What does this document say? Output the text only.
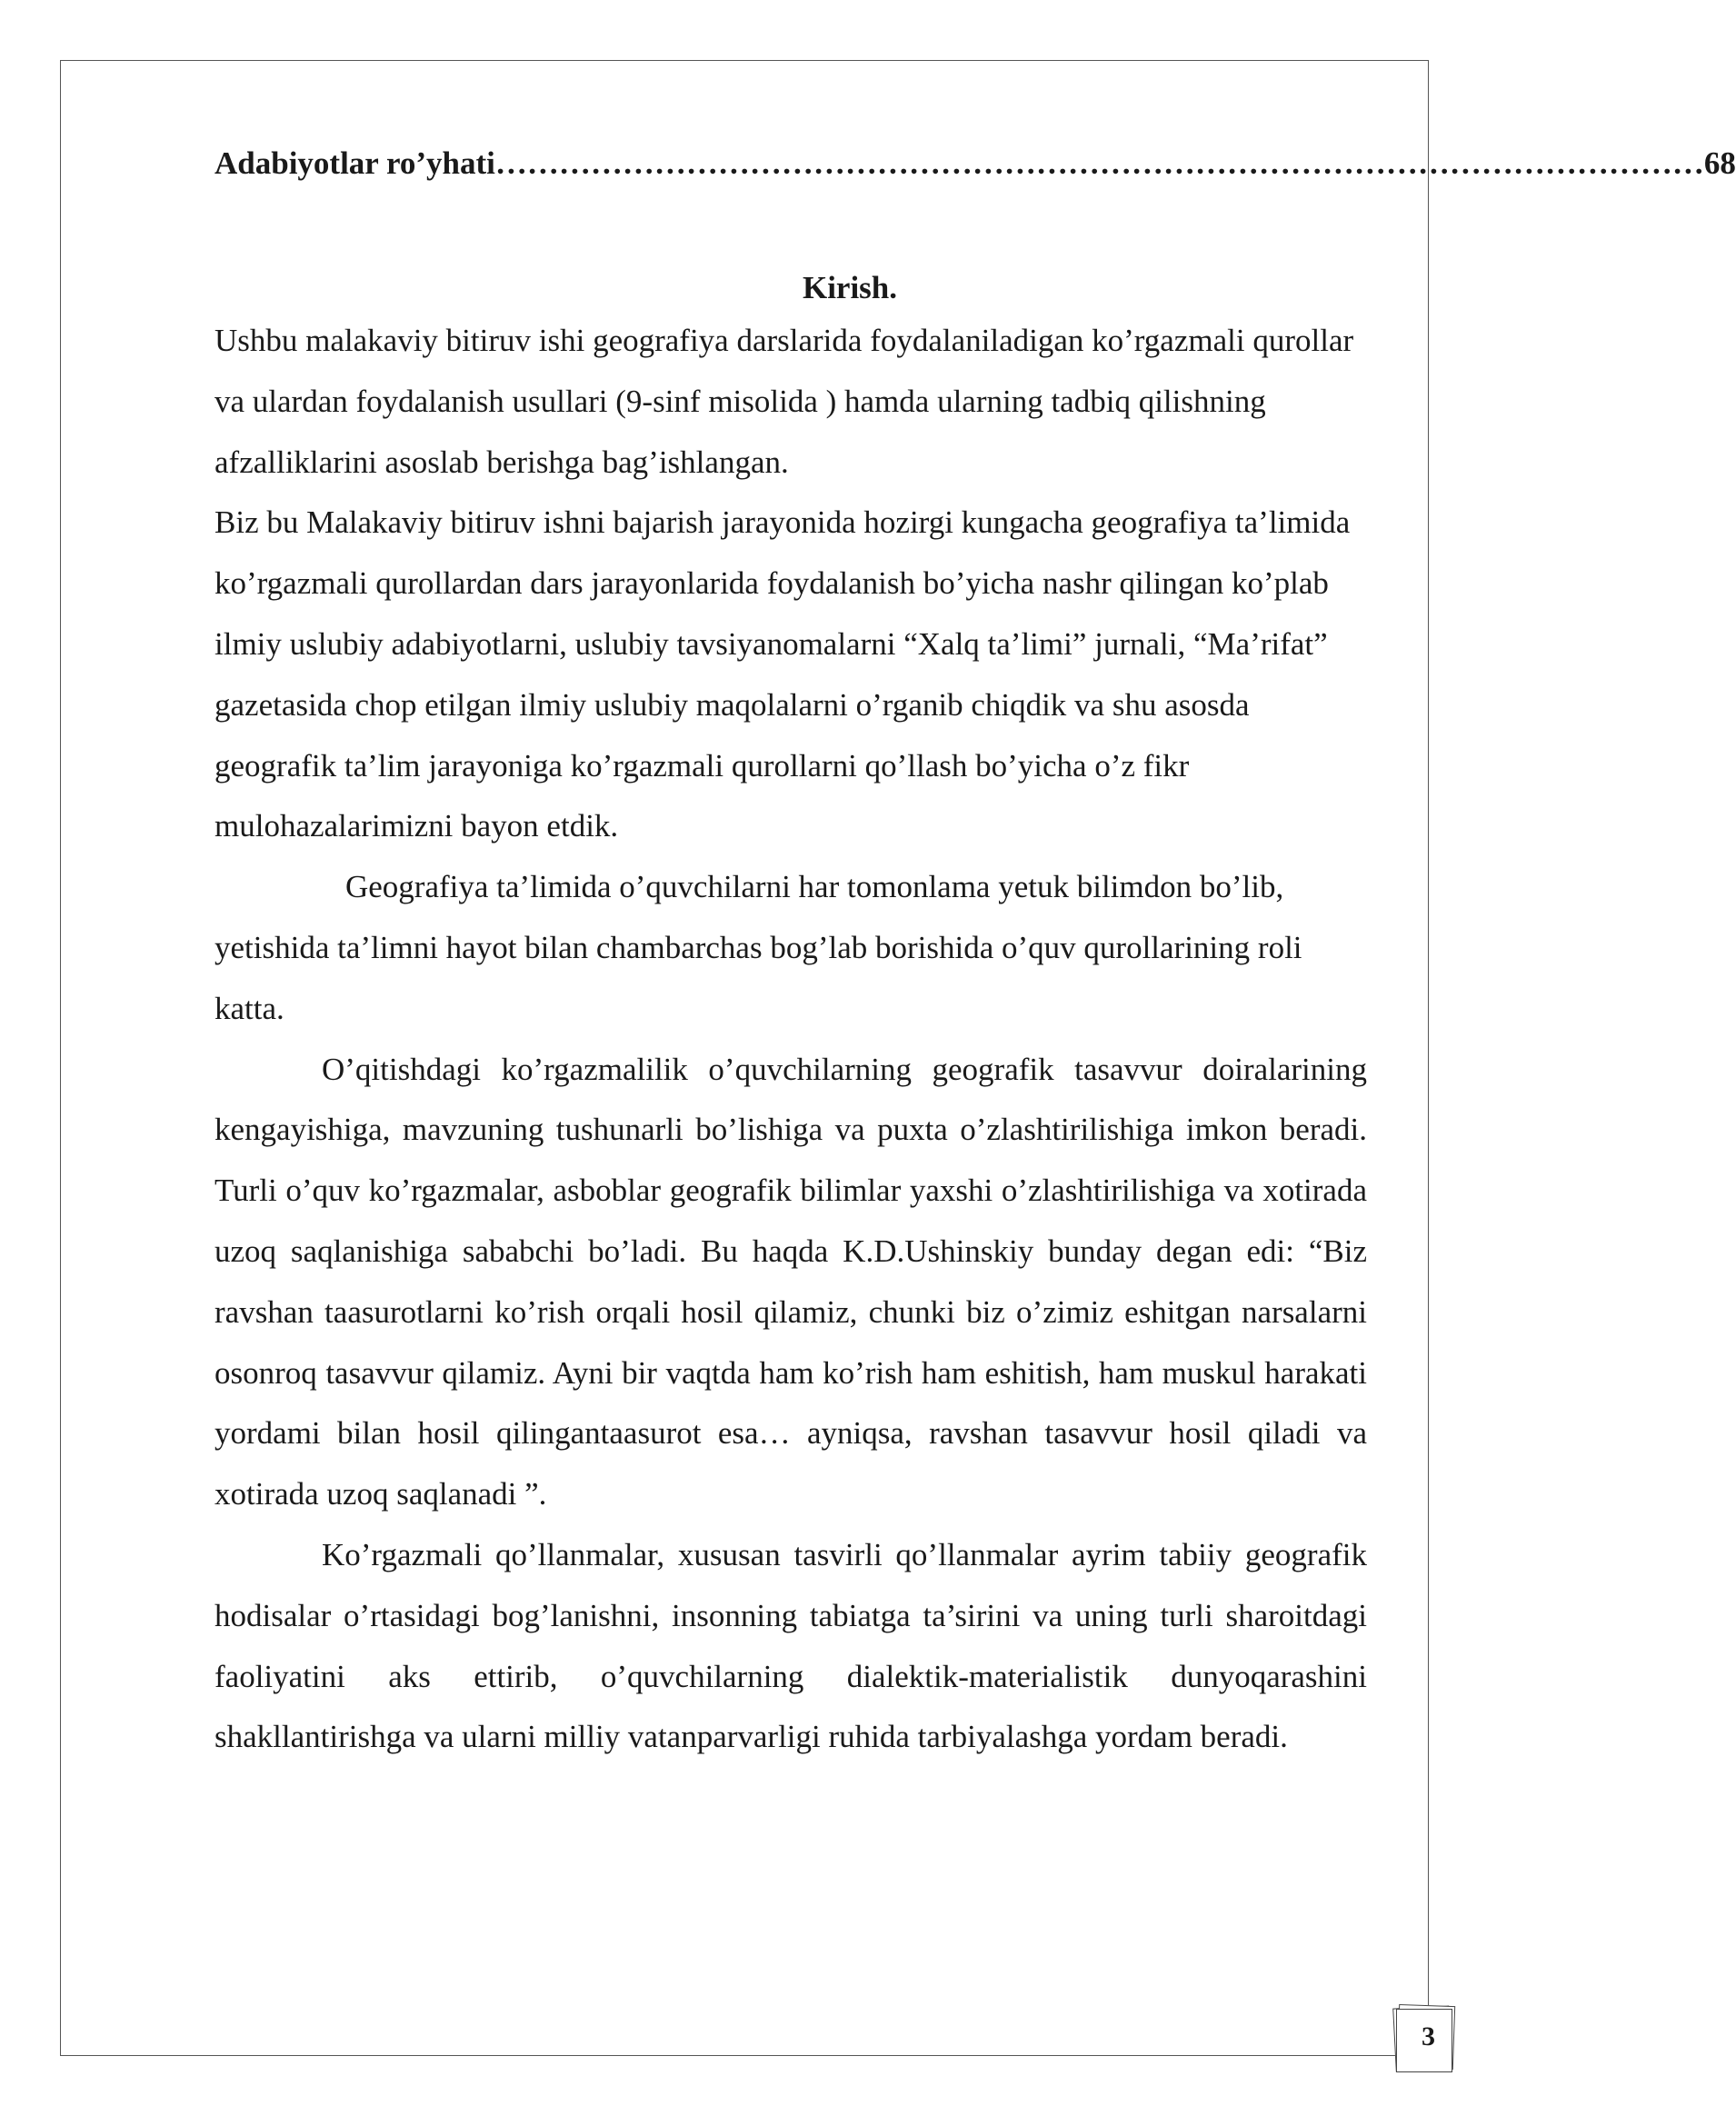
Adabiyotlar ro’yhati …………………………………………………………………………………………………… 68
Kirish.

Ushbu malakaviy bitiruv ishi geografiya darslarida foydalaniladigan ko’rgazmali qurollar va ulardan foydalanish usullari (9-sinf misolida ) hamda ularning tadbiq qilishning afzalliklarini asoslab berishga bag’ishlangan.

Biz bu Malakaviy bitiruv ishni bajarish jarayonida hozirgi kungacha geografiya ta’limida ko’rgazmali qurollardan dars jarayonlarida foydalanish bo’yicha nashr qilingan ko’plab ilmiy uslubiy adabiyotlarni, uslubiy tavsiyanomalarni “Xalq ta’limi” jurnali, “Ma’rifat” gazetasida chop etilgan ilmiy uslubiy maqolalarni o’rganib chiqdik va shu asosda geografik ta’lim jarayoniga ko’rgazmali qurollarni qo’llash bo’yicha o’z fikr mulohazalarimizni bayon etdik.

Geografiya ta’limida o’quvchilarni har tomonlama yetuk bilimdon bo’lib, yetishida ta’limni hayot bilan chambarchas bog’lab borishida o’quv qurollarining roli katta.

O’qitishdagi ko’rgazmalilik o’quvchilarning geografik tasavvur doiralarining kengayishiga, mavzuning tushunarli bo’lishiga va puxta o’zlashtirilishiga imkon beradi. Turli o’quv ko’rgazmalar, asboblar geografik bilimlar yaxshi o’zlashtirilishiga va xotirada uzoq saqlanishiga sababchi bo’ladi. Bu haqda K.D.Ushinskiy bunday degan edi: “Biz ravshan taasurotlarni ko’rish orqali hosil qilamiz, chunki biz o’zimiz eshitgan narsalarni osonroq tasavvur qilamiz. Ayni bir vaqtda ham ko’rish ham eshitish, ham muskul harakati yordami bilan hosil qilingantaasurot esa… ayniqsa, ravshan tasavvur hosil qiladi va xotirada uzoq saqlanadi ”.

Ko’rgazmali qo’llanmalar, xususan tasvirli qo’llanmalar ayrim tabiiy geografik hodisalar o’rtasidagi bog’lanishni, insonning tabiatga ta’sirini va uning turli sharoitdagi faoliyatini aks ettirib, o’quvchilarning dialektik-materialistik dunyoqarashini shakllantirishga va ularni milliy vatanparvarligi ruhida tarbiyalashga yordam beradi.

3
